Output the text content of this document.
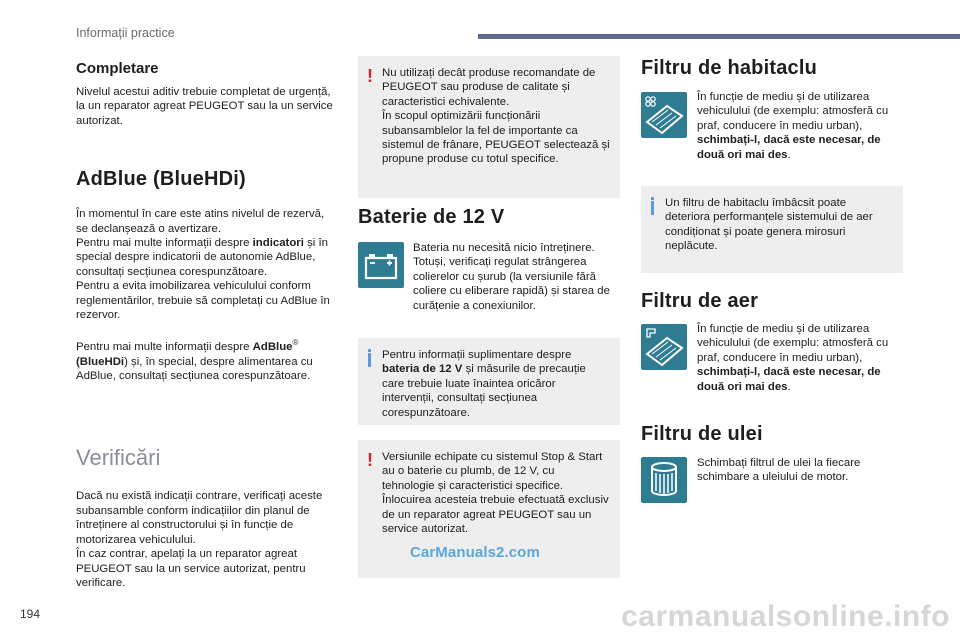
Informații practice
Completare
Nivelul acestui aditiv trebuie completat de urgență, la un reparator agreat PEUGEOT sau la un service autorizat.
AdBlue (BlueHDi)
În momentul în care este atins nivelul de rezervă, se declanșează o avertizare.
Pentru mai multe informații despre indicatori și în special despre indicatorii de autonomie AdBlue, consultați secțiunea corespunzătoare.
Pentru a evita imobilizarea vehiculului conform reglementărilor, trebuie să completați cu AdBlue în rezervor.
Pentru mai multe informații despre AdBlue®
(BlueHDi) și, în special, despre alimentarea cu AdBlue, consultați secțiunea corespunzătoare.
Verificări
Dacă nu există indicații contrare, verificați aceste subansamble conform indicațiilor din planul de întreținere al constructorului și în funcție de motorizarea vehiculului.
În caz contrar, apelați la un reparator agreat PEUGEOT sau la un service autorizat, pentru verificare.
! Nu utilizați decât produse recomandate de PEUGEOT sau produse de calitate și caracteristici echivalente.
În scopul optimizării funcționării subansamblelor la fel de importante ca sistemul de frânare, PEUGEOT selectează și propune produse cu totul specifice.
Baterie de 12 V
Bateria nu necesită nicio întreținere. Totuși, verificați regulat strângerea colierelor cu șurub (la versiunile fără coliere cu eliberare rapidă) și starea de curățenie a conexiunilor.
Pentru informații suplimentare despre bateria de 12 V și măsurile de precauție care trebuie luate înaintea oricăror intervenții, consultați secțiunea corespunzătoare.
! Versiunile echipate cu sistemul Stop & Start au o baterie cu plumb, de 12 V, cu tehnologie și caracteristici specifice.
Înlocuirea acesteia trebuie efectuată exclusiv de un reparator agreat PEUGEOT sau un service autorizat.
CarManuals2.com
Filtru de habitaclu
În funcție de mediu și de utilizarea vehiculului (de exemplu: atmosferă cu praf, conducere în mediu urban), schimbați-l, dacă este necesar, de două ori mai des.
Un filtru de habitaclu îmbâcsit poate deteriora performanțele sistemului de aer condiționat și poate genera mirosuri neplăcute.
Filtru de aer
În funcție de mediu și de utilizarea vehiculului (de exemplu: atmosferă cu praf, conducere în mediu urban), schimbați-l, dacă este necesar, de două ori mai des.
Filtru de ulei
Schimbați filtrul de ulei la fiecare schimbare a uleiului de motor.
194	carmanualsonline.info
